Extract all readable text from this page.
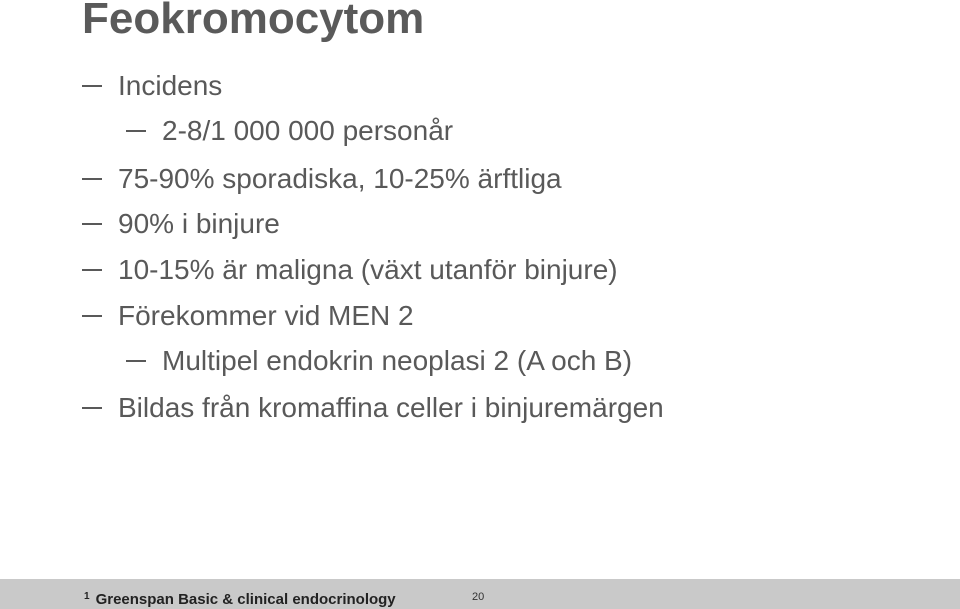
Feokromocytom
Incidens
2-8/1 000 000 personår
75-90% sporadiska, 10-25% ärftliga
90% i binjure
10-15% är maligna (växt utanför binjure)
Förekommer vid MEN 2
Multipel endokrin neoplasi 2 (A och B)
Bildas från kromaffina celler i binjuremärgen
$^1$ Greenspan Basic & clinical endocrinology	20
